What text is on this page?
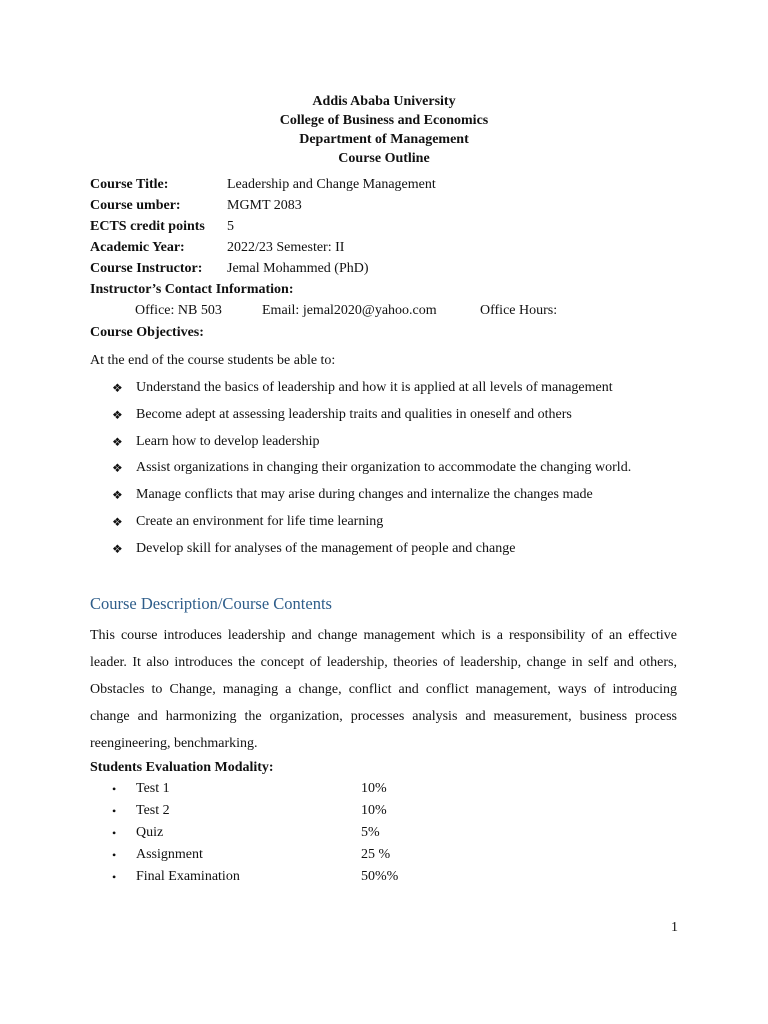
Addis Ababa University
College of Business and Economics
Department of Management
Course Outline
Course Title:	Leadership and Change Management
Course umber:	MGMT 2083
ECTS credit points 5
Academic Year:	2022/23 Semester: II
Course Instructor: Jemal Mohammed (PhD)
Instructor’s Contact Information:
Office: NB 503	Email: jemal2020@yahoo.com	Office Hours:
Course Objectives:
At the end of the course students be able to:
❖ Understand the basics of leadership and how it is applied at all levels of management
❖ Become adept at assessing leadership traits and qualities in oneself and others
❖ Learn how to develop leadership
❖ Assist organizations in changing their organization to accommodate the changing world.
❖ Manage conflicts that may arise during changes and internalize the changes made
❖ Create an environment for life time learning
❖ Develop skill for analyses of the management of people and change
Course Description/Course Contents

This course introduces leadership and change management which is a responsibility of an effective leader. It also introduces the concept of leadership, theories of leadership, change in self and others, Obstacles to Change, managing a change, conflict and conflict management, ways of introducing change and harmonizing the organization, processes analysis and measurement, business process reengineering, benchmarking.

Students Evaluation Modality:
• Test 1	10%
• Test 2	10%
• Quiz	5%
• Assignment	25 %
• Final Examination	50%%
1
